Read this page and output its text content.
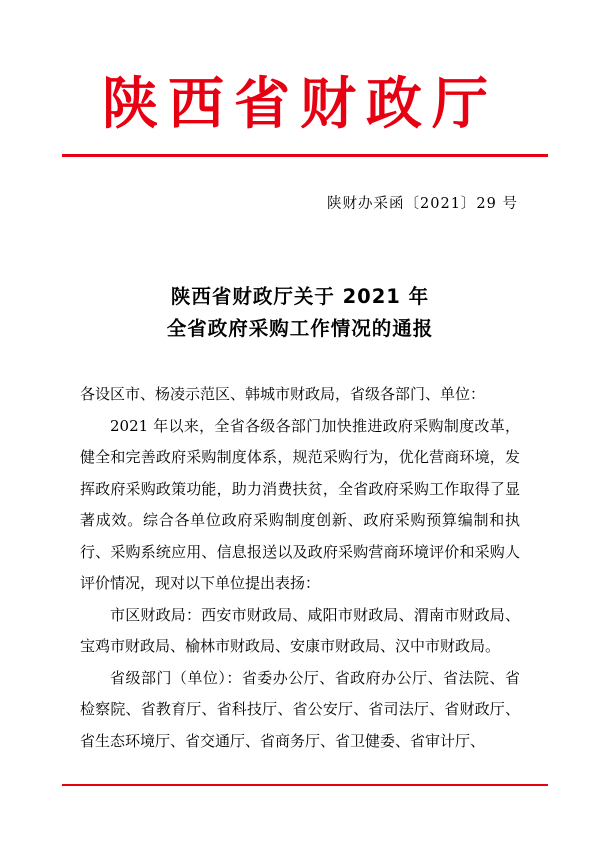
陕西省财政厅
陕财办采函〔2021〕29 号
陕西省财政厅关于 2021 年
全省政府采购工作情况的通报

各设区市、杨凌示范区、韩城市财政局，省级各部门、单位：

2021 年以来，全省各级各部门加快推进政府采购制度改革，健全和完善政府采购制度体系，规范采购行为，优化营商环境，发挥政府采购政策功能，助力消费扶贫，全省政府采购工作取得了显著成效。综合各单位政府采购制度创新、政府采购预算编制和执行、采购系统应用、信息报送以及政府采购营商环境评价和采购人评价情况，现对以下单位提出表扬：

市区财政局：西安市财政局、咸阳市财政局、渭南市财政局、宝鸡市财政局、榆林市财政局、安康市财政局、汉中市财政局。

省级部门（单位）：省委办公厅、省政府办公厅、省法院、省检察院、省教育厅、省科技厅、省公安厅、省司法厅、省财政厅、省生态环境厅、省交通厅、省商务厅、省卫健委、省审计厅、
